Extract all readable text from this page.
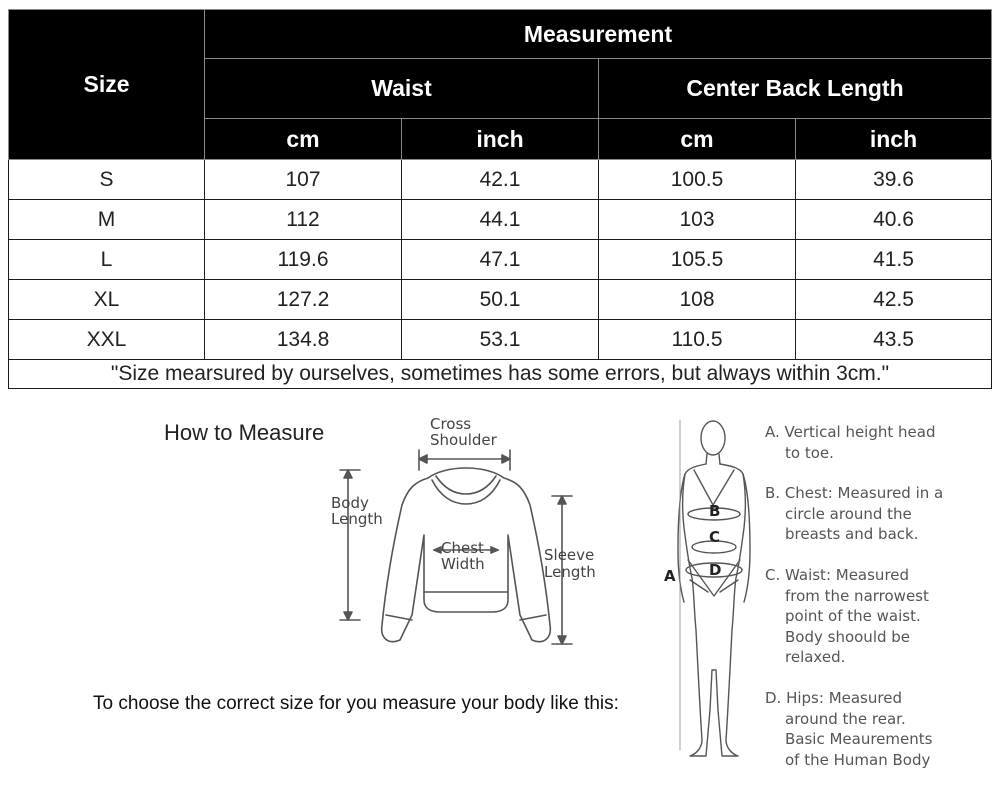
Size	Measurement			
	Waist		Center Back Length	
	cm	inch	cm	inch
S	107	42.1	100.5	39.6
M	112	44.1	103	40.6
L	119.6	47.1	105.5	41.5
XL	127.2	50.1	108	42.5
XXL	134.8	53.1	110.5	43.5
"Size mearsured by ourselves, sometimes has some errors, but always within 3cm."				
How to Measure	Cross
Shoulder
Body
Length
Chest
Width	Sleeve
Length
To choose the correct size for you measure your body like this:
B
C
D
A
A. Vertical height head
to toe.
B. Chest: Measured in a
circle around the
breasts and back.
C. Waist: Measured
from the narrowest
point of the waist.
Body shoould be
relaxed.
D. Hips: Measured
around the rear.
Basic Meaurements
of the Human Body
